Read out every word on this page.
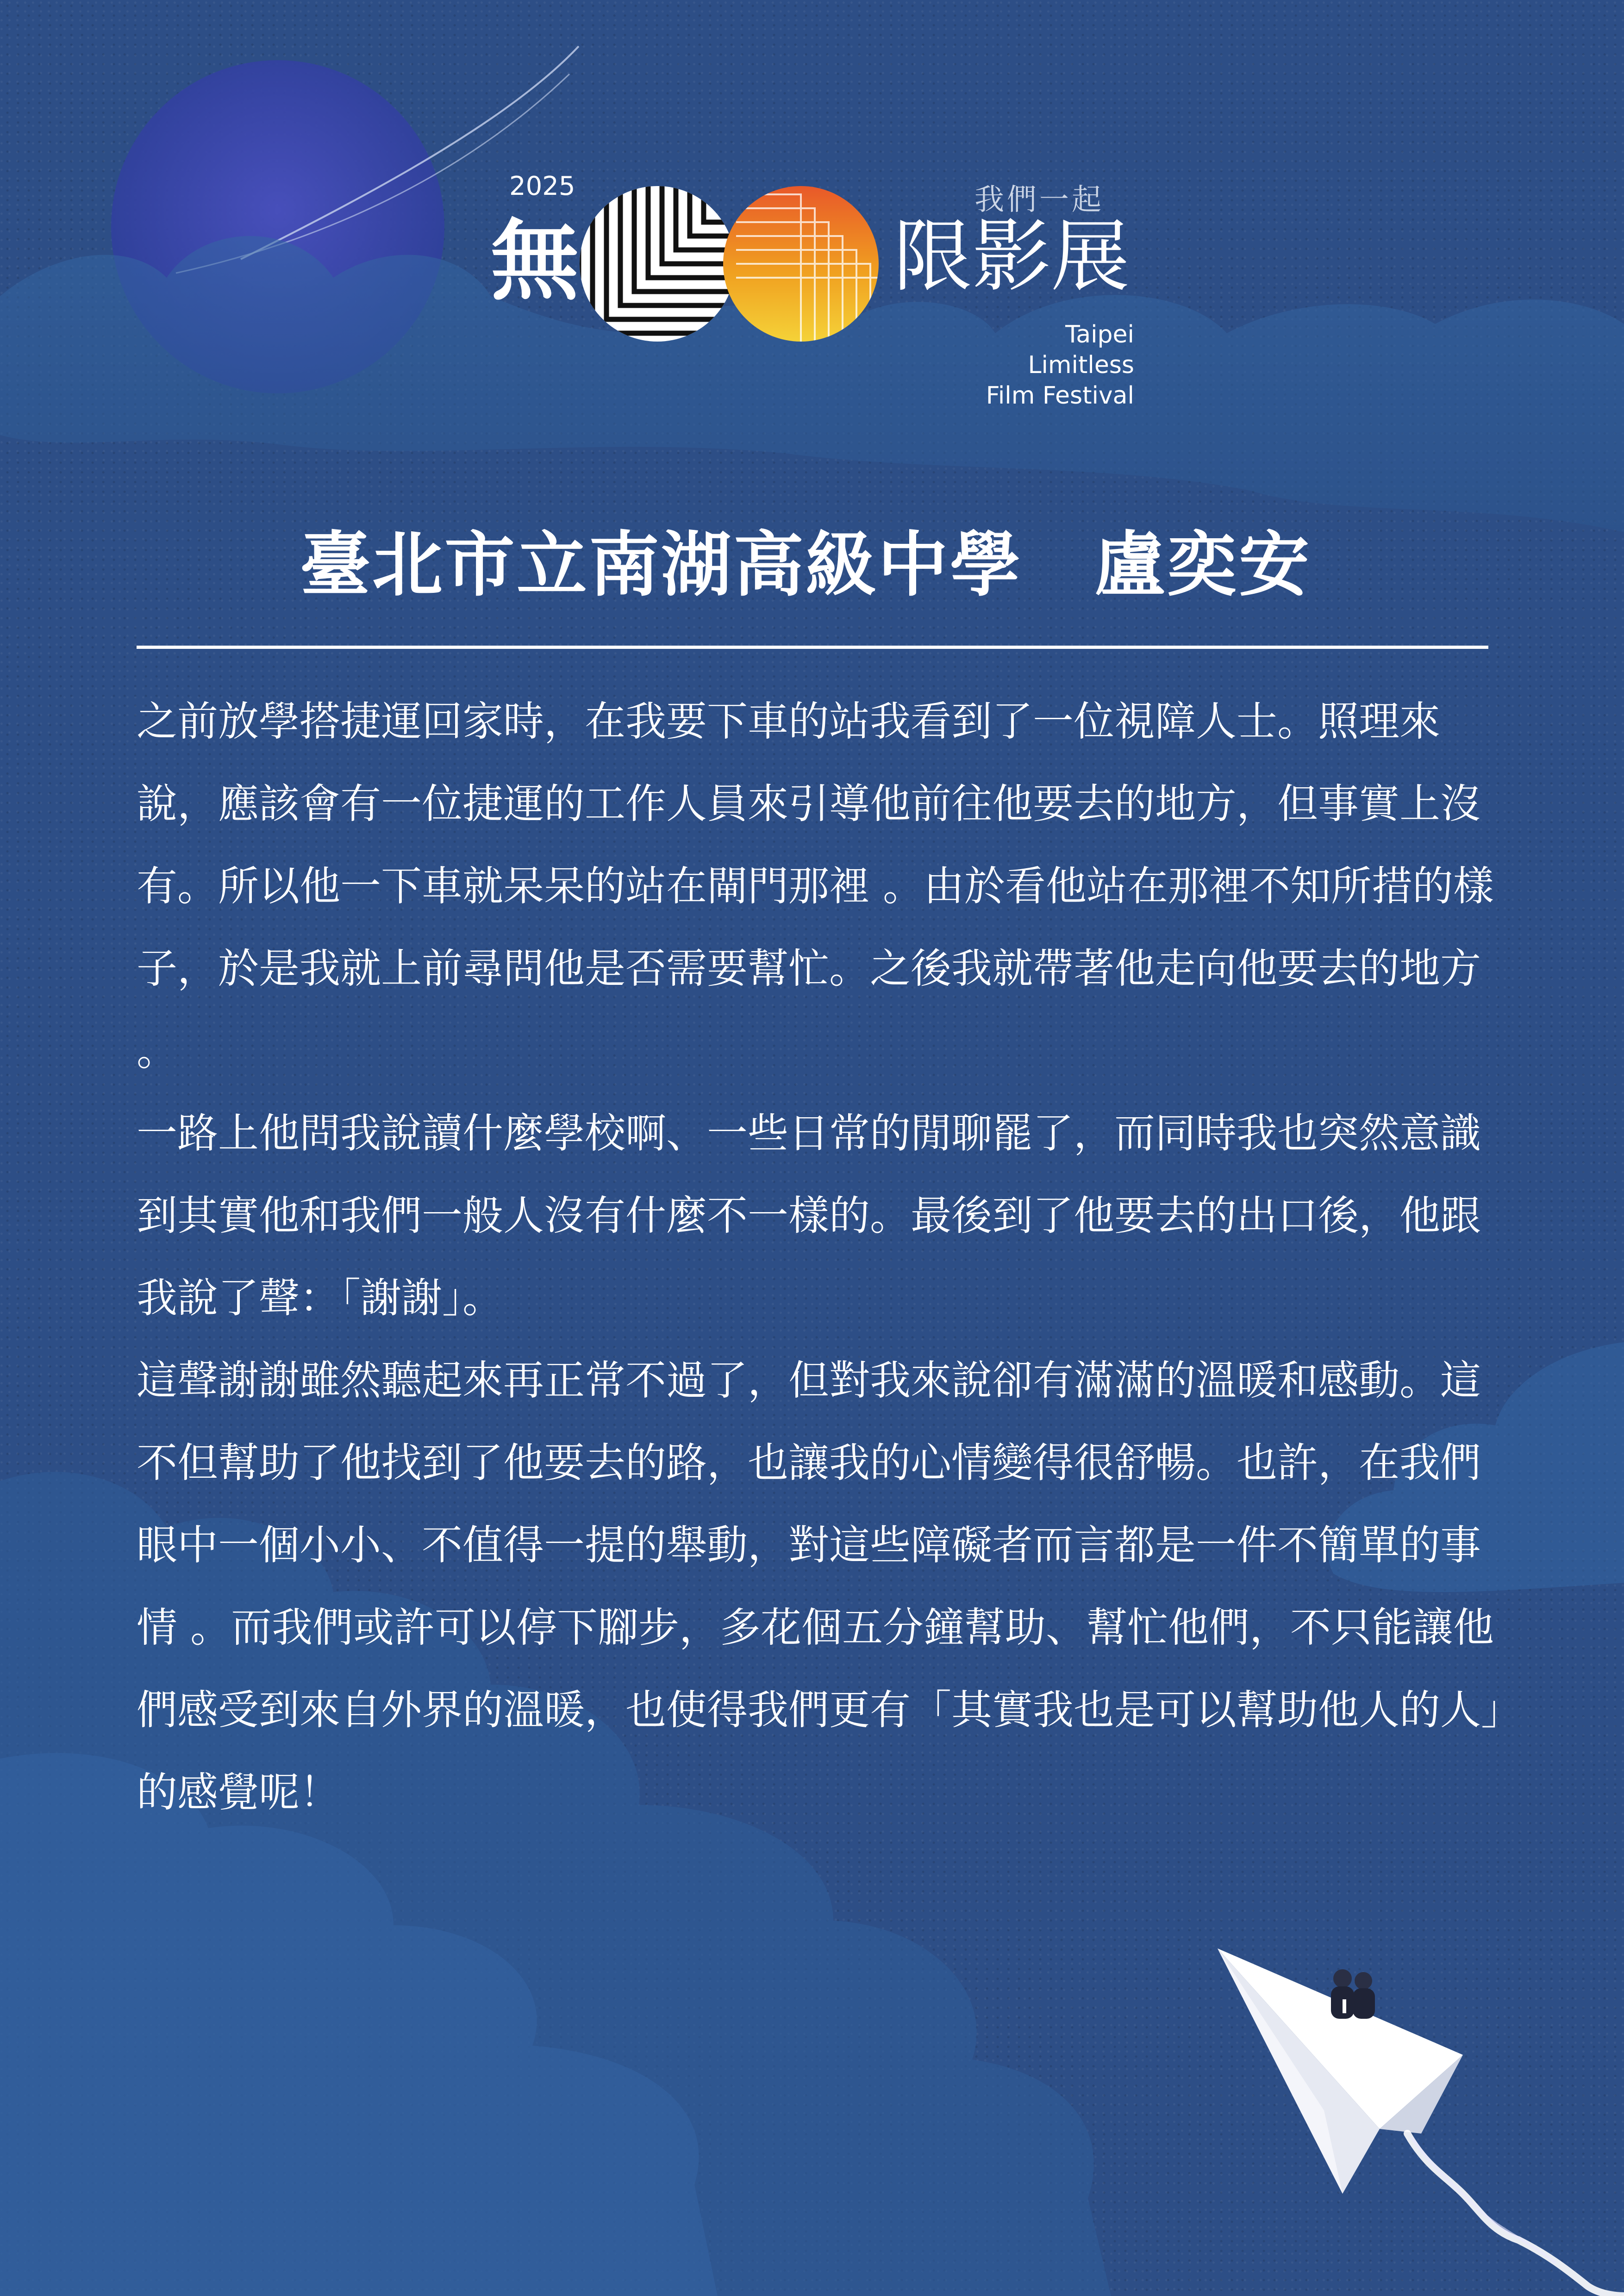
2025
無	限影展
我們一起
Taipei Limitless
Film Festival
臺北市立南湖高級中學　盧奕安

之前放學搭捷運回家時，在我要下車的站我看到了一位視障人士。照理來說，應該會有一位捷運的工作人員來引導他前往他要去的地方，但事實上沒有。所以他一下車就呆呆的站在閘門那裡 。由於看他站在那裡不知所措的樣子，於是我就上前尋問他是否需要幫忙。之後我就帶著他走向他要去的地方 。

一路上他問我說讀什麼學校啊、一些日常的閒聊罷了，而同時我也突然意識到其實他和我們一般人沒有什麼不一樣的。最後到了他要去的出口後，他跟我說了聲：「謝謝」。

這聲謝謝雖然聽起來再正常不過了，但對我來說卻有滿滿的溫暖和感動。這不但幫助了他找到了他要去的路，也讓我的心情變得很舒暢。也許，在我們眼中一個小小、不值得一提的舉動，對這些障礙者而言都是一件不簡單的事情 。而我們或許可以停下腳步，多花個五分鐘幫助、幫忙他們，不只能讓他們感受到來自外界的溫暖，也使得我們更有「其實我也是可以幫助他人的人」的感覺呢！
